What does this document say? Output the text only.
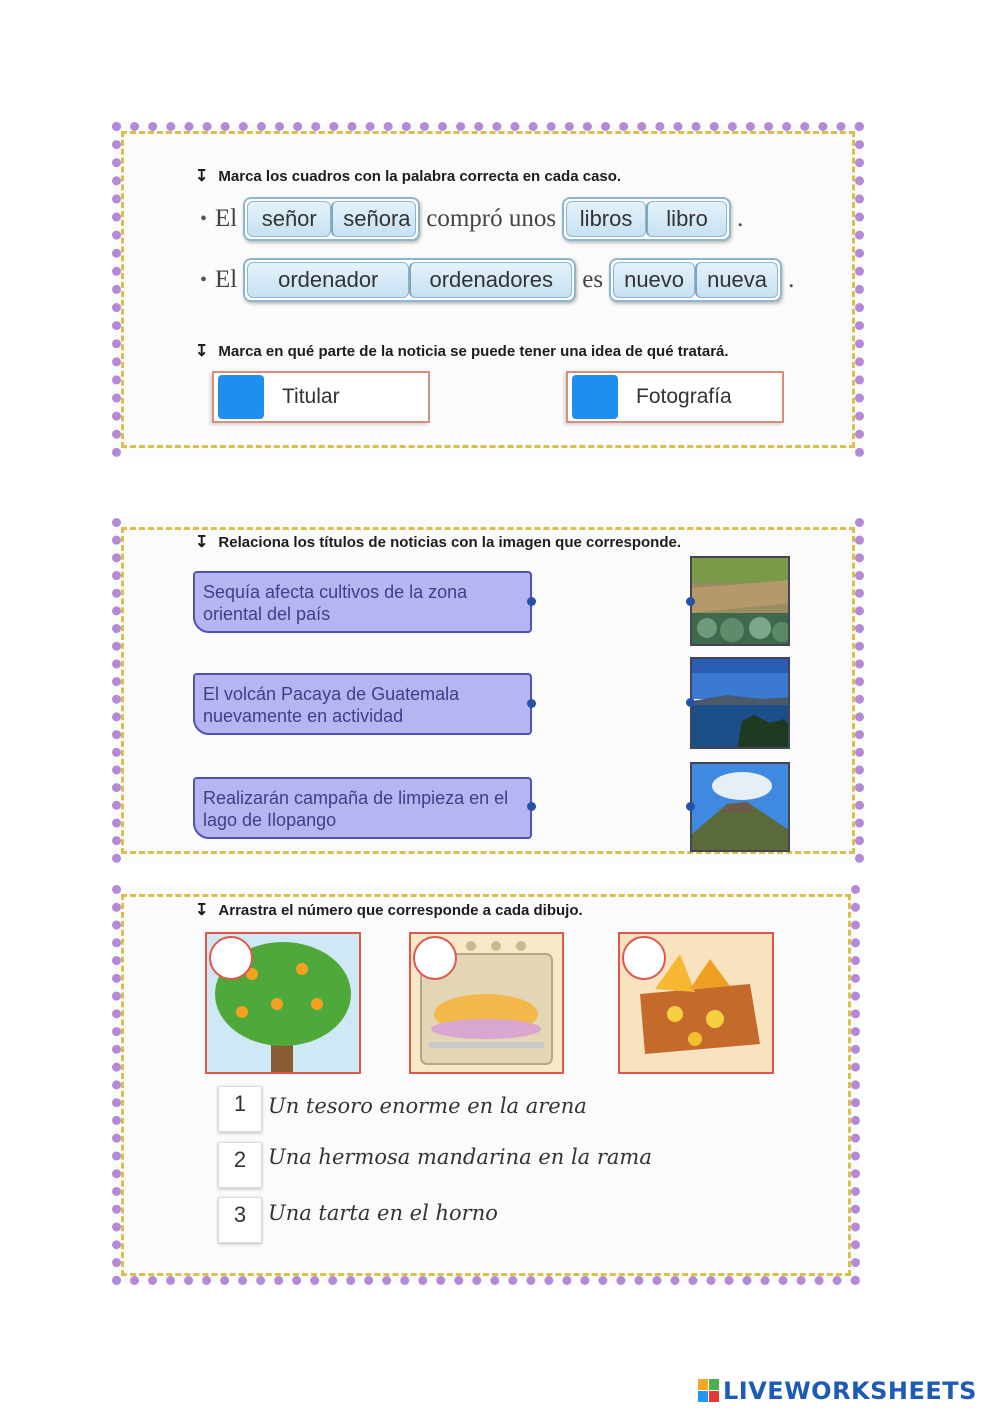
↧ Marca los cuadros con la palabra correcta en cada caso.
• El	señor	señora compró unos	libros	libro	.
• El	ordenador	ordenadores	es nuevo	nueva .
↧ Marca en qué parte de la noticia se puede tener una idea de qué tratará.
Titular	Fotografía
↧ Relaciona los títulos de noticias con la imagen que corresponde.
Sequía afecta cultivos de la zona oriental del país
El volcán Pacaya de Guatemala nuevamente en actividad
Realizarán campaña de limpieza en el lago de Ilopango
↧ Arrastra el número que corresponde a cada dibujo.
1	Un tesoro enorme en la arena
2	Una hermosa mandarina en la rama
3	Una tarta en el horno
LIVEWORKSHEETS
